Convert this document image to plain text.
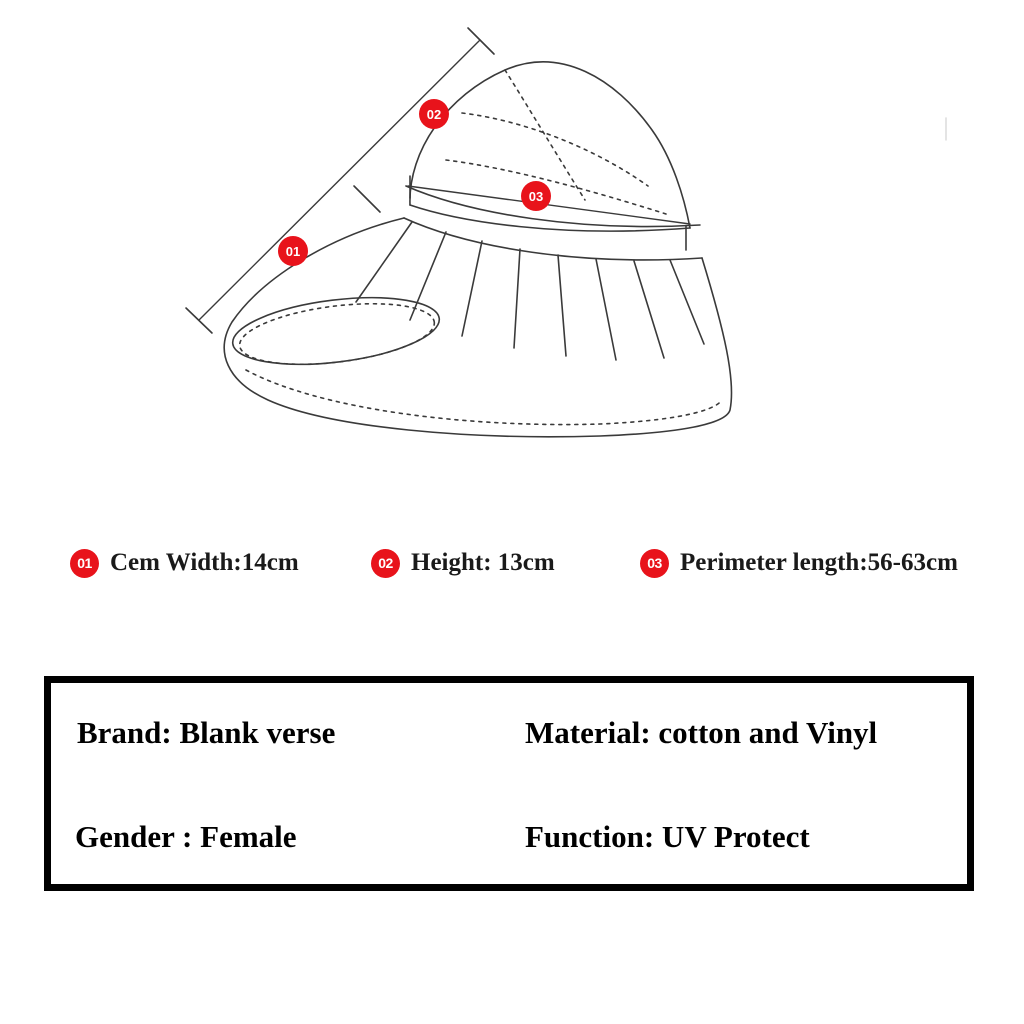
01
02
03
01 Cem Width:14cm	02 Height: 13cm	03 Perimeter length:56-63cm
Brand: Blank verse	Material: cotton and Vinyl
Gender : Female	Function: UV Protect
